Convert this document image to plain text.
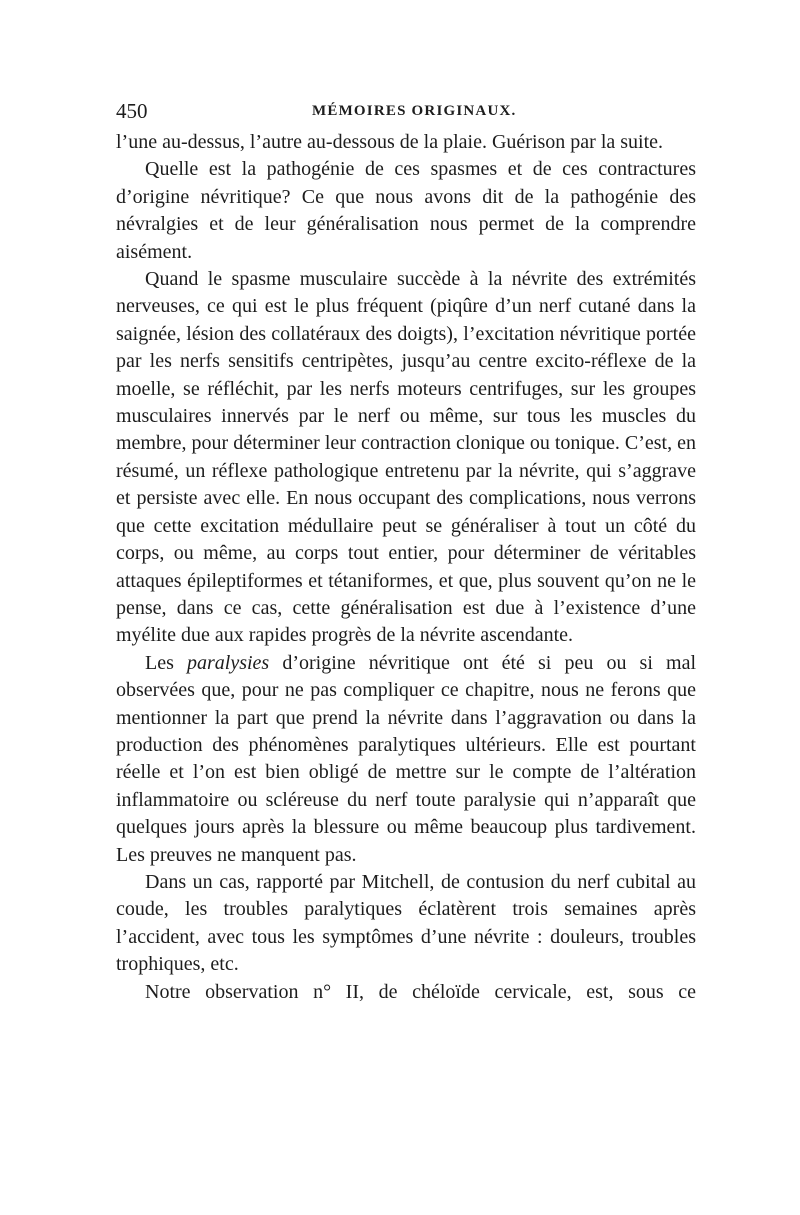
450	MÉMOIRES ORIGINAUX.

l’une au-dessus, l’autre au-dessous de la plaie. Guérison par la suite.

Quelle est la pathogénie de ces spasmes et de ces contractures d’origine névritique? Ce que nous avons dit de la pathogénie des névralgies et de leur généralisation nous permet de la comprendre aisément.

Quand le spasme musculaire succède à la névrite des extrémités nerveuses, ce qui est le plus fréquent (piqûre d’un nerf cutané dans la saignée, lésion des collatéraux des doigts), l’excitation névritique portée par les nerfs sensitifs centripètes, jusqu’au centre excito-réflexe de la moelle, se réfléchit, par les nerfs moteurs centrifuges, sur les groupes musculaires innervés par le nerf ou même, sur tous les muscles du membre, pour déterminer leur contraction clonique ou tonique. C’est, en résumé, un réflexe pathologique entretenu par la névrite, qui s’aggrave et persiste avec elle. En nous occupant des complications, nous verrons que cette excitation médullaire peut se généraliser à tout un côté du corps, ou même, au corps tout entier, pour déterminer de véritables attaques épileptiformes et tétaniformes, et que, plus souvent qu’on ne le pense, dans ce cas, cette généralisation est due à l’existence d’une myélite due aux rapides progrès de la névrite ascendante.

Les paralysies d’origine névritique ont été si peu ou si mal observées que, pour ne pas compliquer ce chapitre, nous ne ferons que mentionner la part que prend la névrite dans l’aggravation ou dans la production des phénomènes paralytiques ultérieurs. Elle est pourtant réelle et l’on est bien obligé de mettre sur le compte de l’altération inflammatoire ou scléreuse du nerf toute paralysie qui n’apparaît que quelques jours après la blessure ou même beaucoup plus tardivement. Les preuves ne manquent pas.

Dans un cas, rapporté par Mitchell, de contusion du nerf cubital au coude, les troubles paralytiques éclatèrent trois semaines après l’accident, avec tous les symptômes d’une névrite : douleurs, troubles trophiques, etc.

Notre observation n° II, de chéloïde cervicale, est, sous ce
